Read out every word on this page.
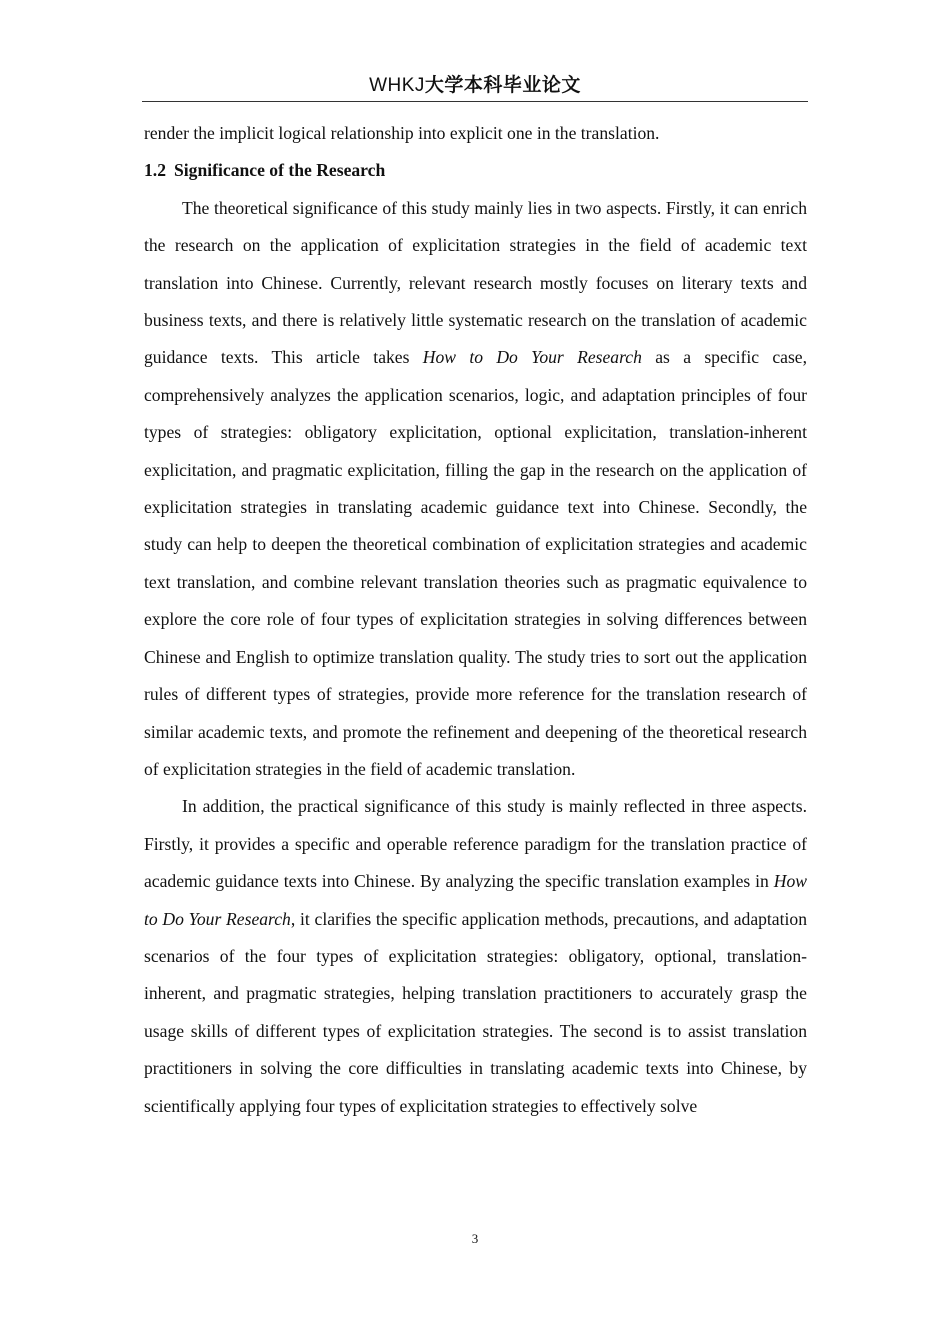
WHKJ大学本科毕业论文

render the implicit logical relationship into explicit one in the translation.

1.2 Significance of the Research

The theoretical significance of this study mainly lies in two aspects. Firstly, it can enrich the research on the application of explicitation strategies in the field of academic text translation into Chinese. Currently, relevant research mostly focuses on literary texts and business texts, and there is relatively little systematic research on the translation of academic guidance texts. This article takes How to Do Your Research as a specific case, comprehensively analyzes the application scenarios, logic, and adaptation principles of four types of strategies: obligatory explicitation, optional explicitation, translation-inherent explicitation, and pragmatic explicitation, filling the gap in the research on the application of explicitation strategies in translating academic guidance text into Chinese. Secondly, the study can help to deepen the theoretical combination of explicitation strategies and academic text translation, and combine relevant translation theories such as pragmatic equivalence to explore the core role of four types of explicitation strategies in solving differences between Chinese and English to optimize translation quality. The study tries to sort out the application rules of different types of strategies, provide more reference for the translation research of similar academic texts, and promote the refinement and deepening of the theoretical research of explicitation strategies in the field of academic translation.

In addition, the practical significance of this study is mainly reflected in three aspects. Firstly, it provides a specific and operable reference paradigm for the translation practice of academic guidance texts into Chinese. By analyzing the specific translation examples in How to Do Your Research, it clarifies the specific application methods, precautions, and adaptation scenarios of the four types of explicitation strategies: obligatory, optional, translation-inherent, and pragmatic strategies, helping translation practitioners to accurately grasp the usage skills of different types of explicitation strategies. The second is to assist translation practitioners in solving the core difficulties in translating academic texts into Chinese, by scientifically applying four types of explicitation strategies to effectively solve

3
